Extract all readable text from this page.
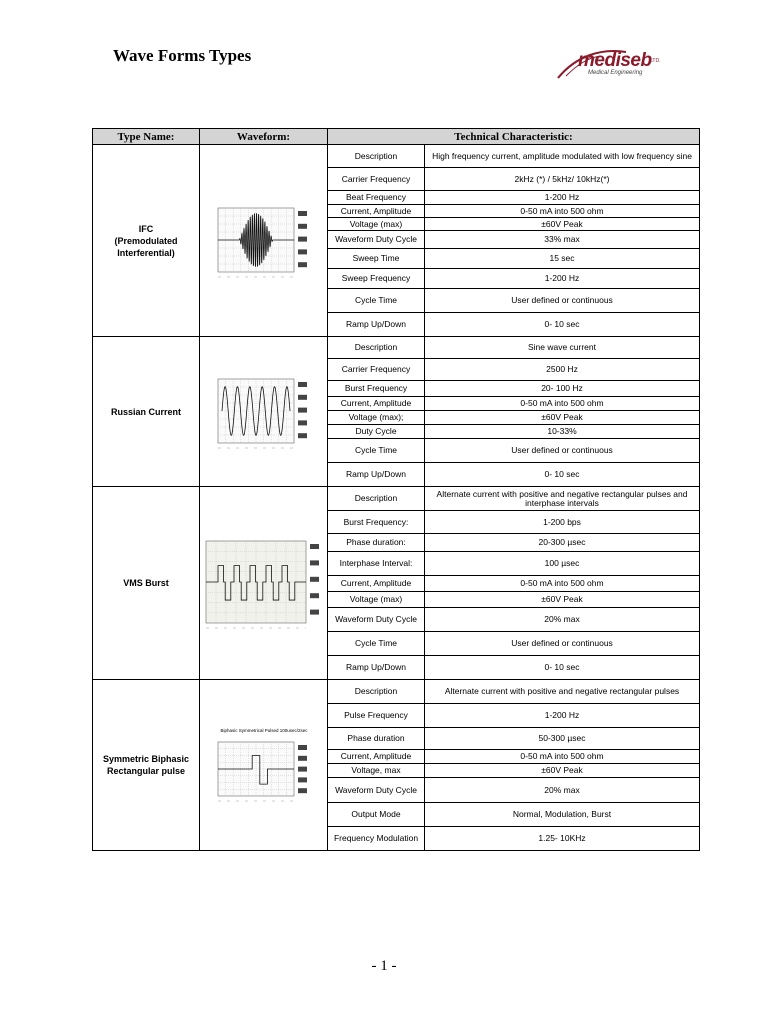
Wave Forms Types	mediseb
LTD.
Medical Engineering
Type Name:	Waveform:	Technical Characteristic:	
IFC
(Premodulated
Interferential)		Description	High frequency current, amplitude modulated with low frequency sine
		Carrier Frequency	2kHz (*) / 5kHz/ 10kHz(*)
		Beat Frequency	1-200 Hz
		Current, Amplitude	0-50 mA into 500 ohm
		Voltage (max)	±60V Peak
		Waveform Duty Cycle	33% max
		Sweep Time	15 sec
		Sweep Frequency	1-200 Hz
		Cycle Time	User defined or continuous
		Ramp Up/Down	0- 10 sec
Russian Current		Description	Sine wave current
		Carrier Frequency	2500 Hz
		Burst Frequency	20- 100 Hz
		Current, Amplitude	0-50 mA into 500 ohm
		Voltage (max);	±60V Peak
		Duty Cycle	10-33%
		Cycle Time	User defined or continuous
		Ramp Up/Down	0- 10 sec
VMS Burst		Description	Alternate current with positive and negative rectangular pulses and interphase intervals
		Burst Frequency:	1-200 bps
		Phase duration:	20-300 µsec
		Interphase Interval:	100 µsec
		Current, Amplitude	0-50 mA into 500 ohm
		Voltage (max)	±60V Peak
		Waveform Duty Cycle	20% max
		Cycle Time	User defined or continuous
		Ramp Up/Down	0- 10 sec
Symmetric Biphasic
Rectangular pulse	Biphasic Symmetrical Pulsed 100usec/2sec	Description	Alternate current with positive and negative rectangular pulses
		Pulse Frequency	1-200 Hz
		Phase duration	50-300 µsec
		Current, Amplitude	0-50 mA into 500 ohm
		Voltage, max	±60V Peak
		Waveform Duty Cycle	20% max
		Output Mode	Normal, Modulation, Burst
		Frequency Modulation	1.25- 10KHz
- 1 -
